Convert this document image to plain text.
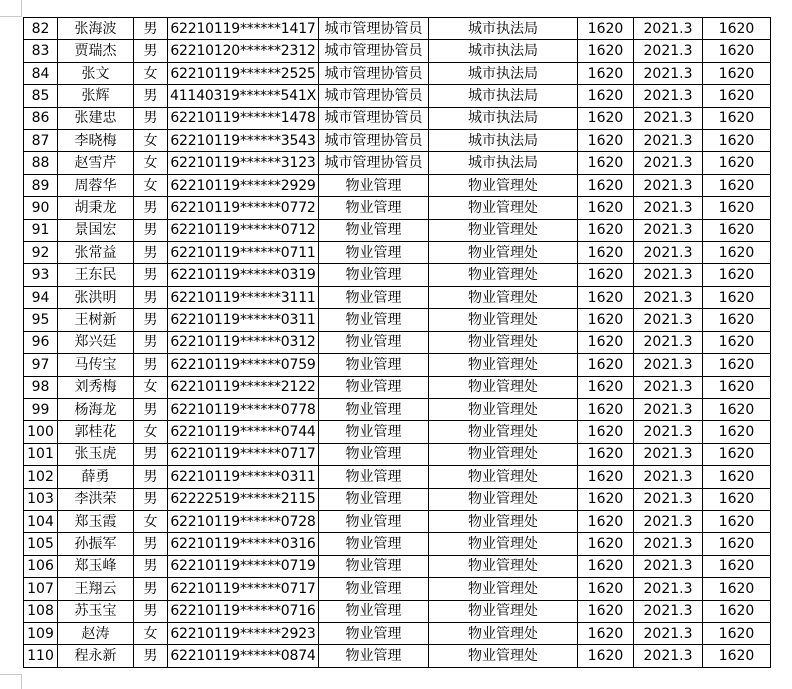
82	张海波	男	62210119******1417	城市管理协管员	城市执法局	1620	2021.3	1620
83	贾瑞杰	男	62210120******2312	城市管理协管员	城市执法局	1620	2021.3	1620
84	张文	女	62210119******2525	城市管理协管员	城市执法局	1620	2021.3	1620
85	张辉	男	41140319******541X	城市管理协管员	城市执法局	1620	2021.3	1620
86	张建忠	男	62210119******1478	城市管理协管员	城市执法局	1620	2021.3	1620
87	李晓梅	女	62210119******3543	城市管理协管员	城市执法局	1620	2021.3	1620
88	赵雪芹	女	62210119******3123	城市管理协管员	城市执法局	1620	2021.3	1620
89	周蓉华	女	62210119******2929	物业管理	物业管理处	1620	2021.3	1620
90	胡秉龙	男	62210119******0772	物业管理	物业管理处	1620	2021.3	1620
91	景国宏	男	62210119******0712	物业管理	物业管理处	1620	2021.3	1620
92	张常益	男	62210119******0711	物业管理	物业管理处	1620	2021.3	1620
93	王东民	男	62210119******0319	物业管理	物业管理处	1620	2021.3	1620
94	张洪明	男	62210119******3111	物业管理	物业管理处	1620	2021.3	1620
95	王树新	男	62210119******0311	物业管理	物业管理处	1620	2021.3	1620
96	郑兴廷	男	62210119******0312	物业管理	物业管理处	1620	2021.3	1620
97	马传宝	男	62210119******0759	物业管理	物业管理处	1620	2021.3	1620
98	刘秀梅	女	62210119******2122	物业管理	物业管理处	1620	2021.3	1620
99	杨海龙	男	62210119******0778	物业管理	物业管理处	1620	2021.3	1620
100	郭桂花	女	62210119******0744	物业管理	物业管理处	1620	2021.3	1620
101	张玉虎	男	62210119******0717	物业管理	物业管理处	1620	2021.3	1620
102	薛勇	男	62210119******0311	物业管理	物业管理处	1620	2021.3	1620
103	李洪荣	男	62222519******2115	物业管理	物业管理处	1620	2021.3	1620
104	郑玉霞	女	62210119******0728	物业管理	物业管理处	1620	2021.3	1620
105	孙振军	男	62210119******0316	物业管理	物业管理处	1620	2021.3	1620
106	郑玉峰	男	62210119******0719	物业管理	物业管理处	1620	2021.3	1620
107	王翔云	男	62210119******0717	物业管理	物业管理处	1620	2021.3	1620
108	苏玉宝	男	62210119******0716	物业管理	物业管理处	1620	2021.3	1620
109	赵涛	女	62210119******2923	物业管理	物业管理处	1620	2021.3	1620
110	程永新	男	62210119******0874	物业管理	物业管理处	1620	2021.3	1620
